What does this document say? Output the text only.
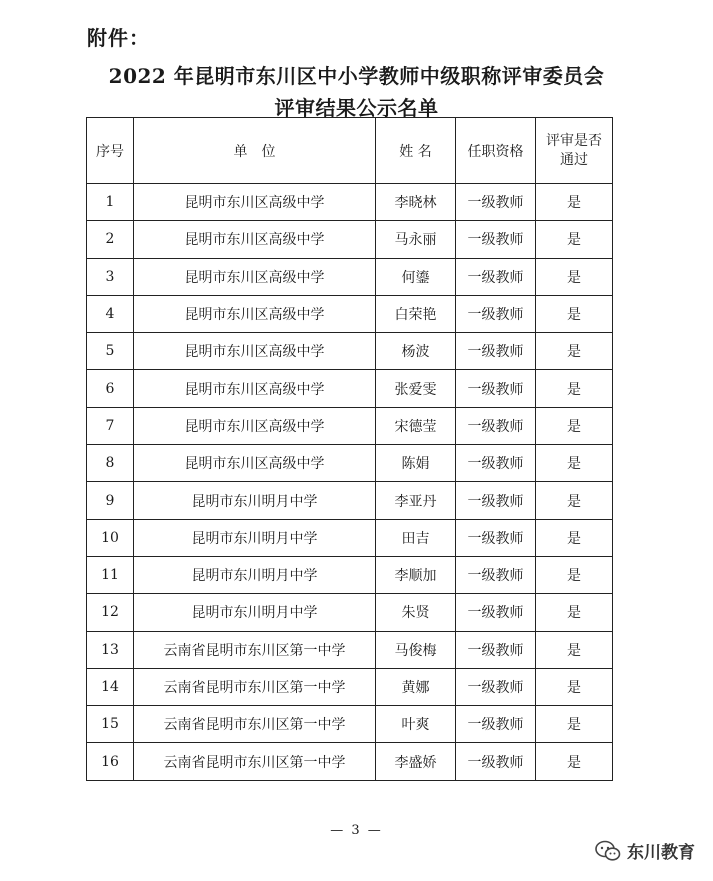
附件：
2022 年昆明市东川区中小学教师中级职称评审委员会
评审结果公示名单
序号	单　位	姓 名	任职资格	评审是否通过
1	昆明市东川区高级中学	李晓林	一级教师	是
2	昆明市东川区高级中学	马永丽	一级教师	是
3	昆明市东川区高级中学	何鎏	一级教师	是
4	昆明市东川区高级中学	白荣艳	一级教师	是
5	昆明市东川区高级中学	杨波	一级教师	是
6	昆明市东川区高级中学	张爱雯	一级教师	是
7	昆明市东川区高级中学	宋德莹	一级教师	是
8	昆明市东川区高级中学	陈娟	一级教师	是
9	昆明市东川明月中学	李亚丹	一级教师	是
10	昆明市东川明月中学	田吉	一级教师	是
11	昆明市东川明月中学	李顺加	一级教师	是
12	昆明市东川明月中学	朱贤	一级教师	是
13	云南省昆明市东川区第一中学	马俊梅	一级教师	是
14	云南省昆明市东川区第一中学	黄娜	一级教师	是
15	云南省昆明市东川区第一中学	叶爽	一级教师	是
16	云南省昆明市东川区第一中学	李盛娇	一级教师	是
— 3 —
东川教育
